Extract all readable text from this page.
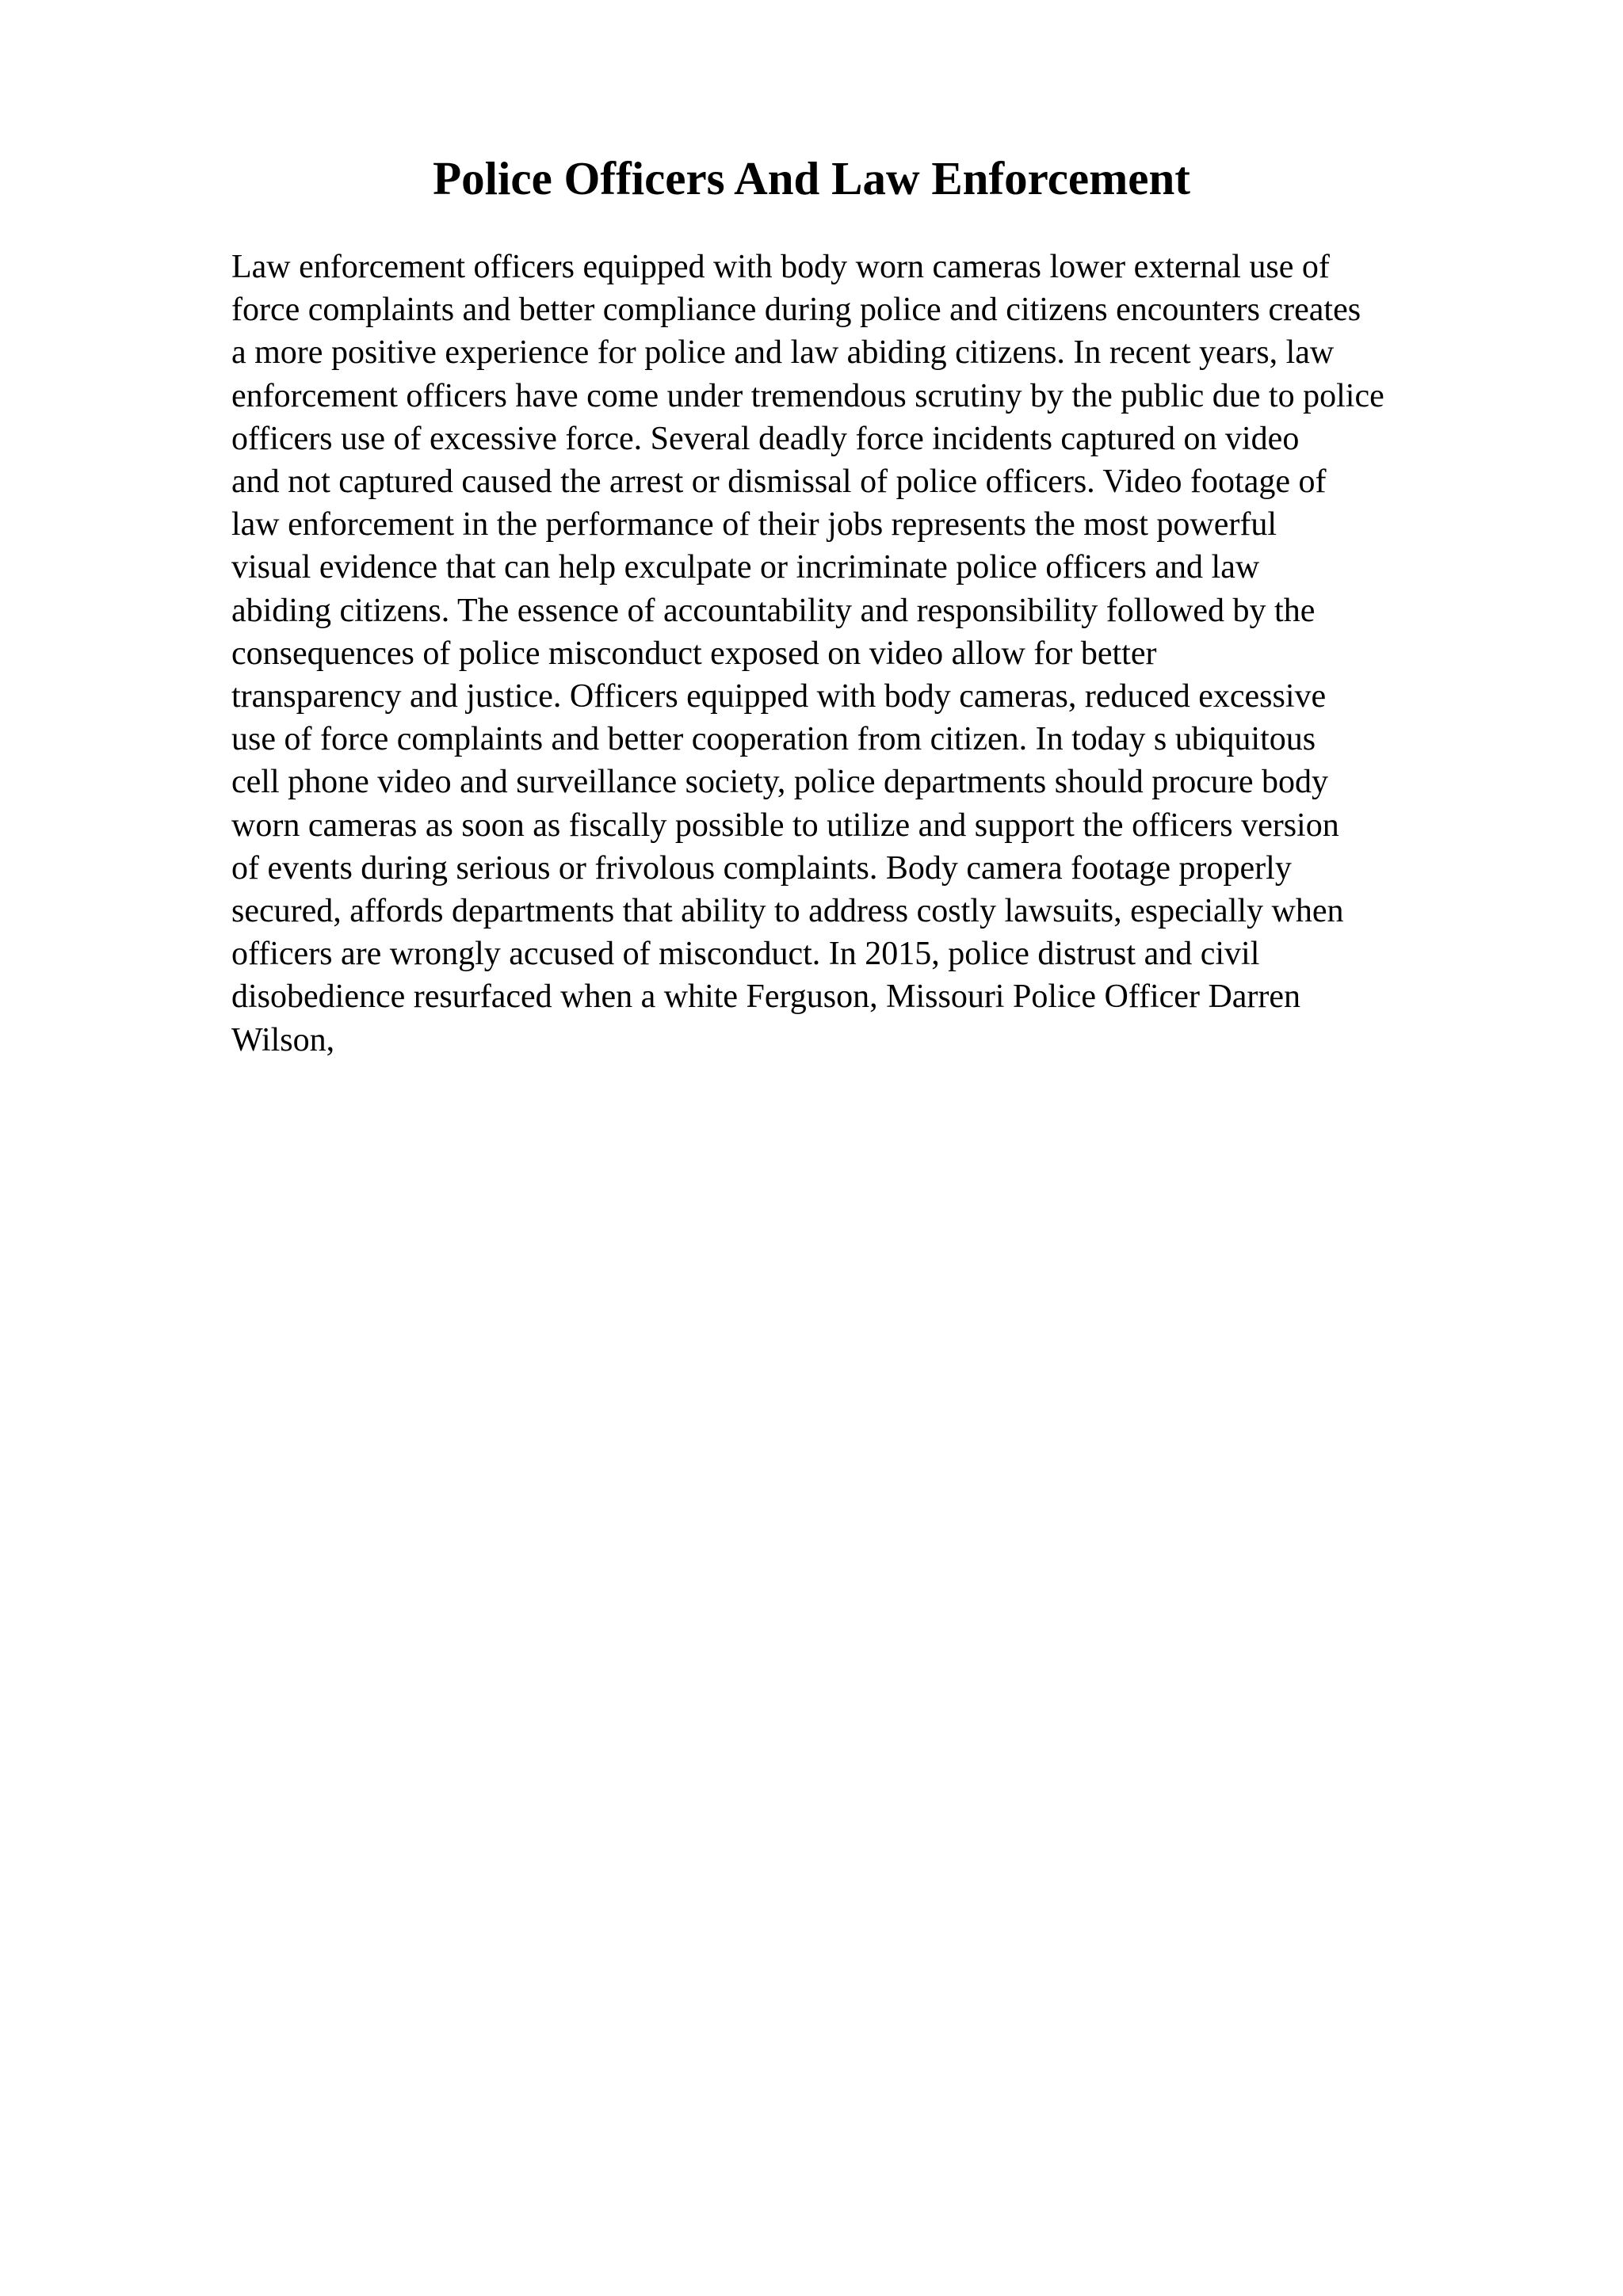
Police Officers And Law Enforcement
Law enforcement officers equipped with body worn cameras lower external use of
force complaints and better compliance during police and citizens encounters creates
a more positive experience for police and law abiding citizens. In recent years, law
enforcement officers have come under tremendous scrutiny by the public due to police
officers use of excessive force. Several deadly force incidents captured on video
and not captured caused the arrest or dismissal of police officers. Video footage of
law enforcement in the performance of their jobs represents the most powerful
visual evidence that can help exculpate or incriminate police officers and law
abiding citizens. The essence of accountability and responsibility followed by the
consequences of police misconduct exposed on video allow for better
transparency and justice. Officers equipped with body cameras, reduced excessive
use of force complaints and better cooperation from citizen. In today s ubiquitous
cell phone video and surveillance society, police departments should procure body
worn cameras as soon as fiscally possible to utilize and support the officers version
of events during serious or frivolous complaints. Body camera footage properly
secured, affords departments that ability to address costly lawsuits, especially when
officers are wrongly accused of misconduct. In 2015, police distrust and civil
disobedience resurfaced when a white Ferguson, Missouri Police Officer Darren
Wilson,
